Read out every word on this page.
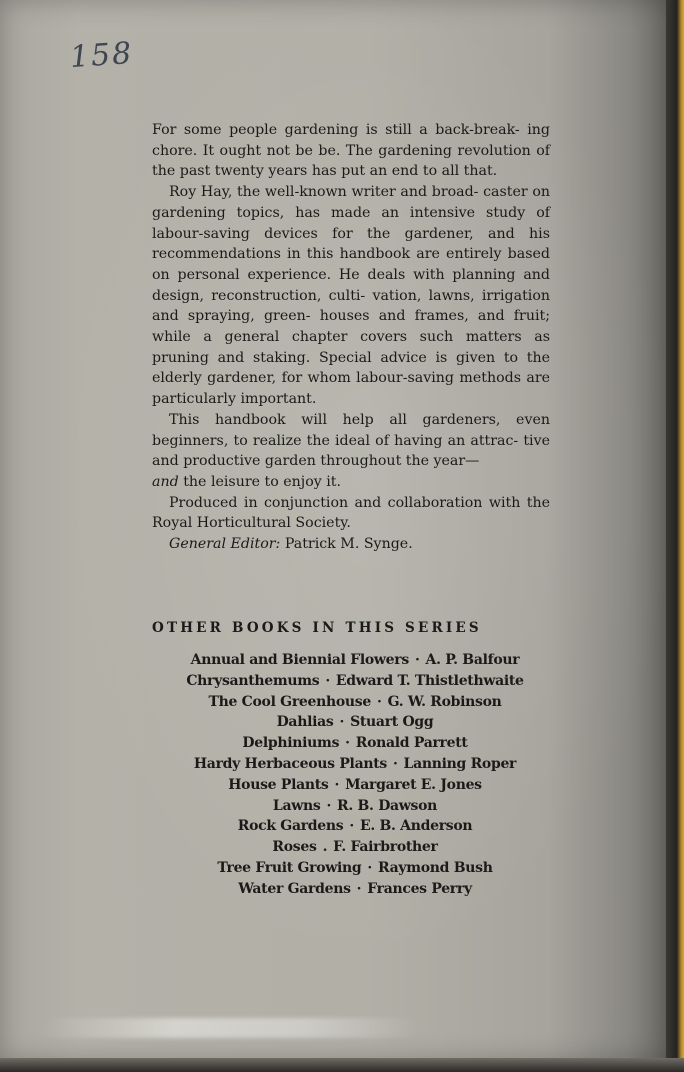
158

For some people gardening is still a back-break- ing chore. It ought not be be. The gardening revolution of the past twenty years has put an end to all that.

Roy Hay, the well-known writer and broad- caster on gardening topics, has made an intensive study of labour-saving devices for the gardener, and his recommendations in this handbook are entirely based on personal experience. He deals with planning and design, reconstruction, culti- vation, lawns, irrigation and spraying, green- houses and frames, and fruit; while a general chapter covers such matters as pruning and staking. Special advice is given to the elderly gardener, for whom labour-saving methods are particularly important.

This handbook will help all gardeners, even beginners, to realize the ideal of having an attrac- tive and productive garden throughout the year—
and the leisure to enjoy it.

Produced in conjunction and collaboration with the Royal Horticultural Society.

General Editor: Patrick M. Synge.

OTHER BOOKS IN THIS SERIES
Annual and Biennial Flowers · A. P. Balfour
Chrysanthemums · Edward T. Thistlethwaite
The Cool Greenhouse · G. W. Robinson
Dahlias · Stuart Ogg
Delphiniums · Ronald Parrett
Hardy Herbaceous Plants · Lanning Roper
House Plants · Margaret E. Jones
Lawns · R. B. Dawson
Rock Gardens · E. B. Anderson
Roses . F. Fairbrother
Tree Fruit Growing · Raymond Bush
Water Gardens · Frances Perry
